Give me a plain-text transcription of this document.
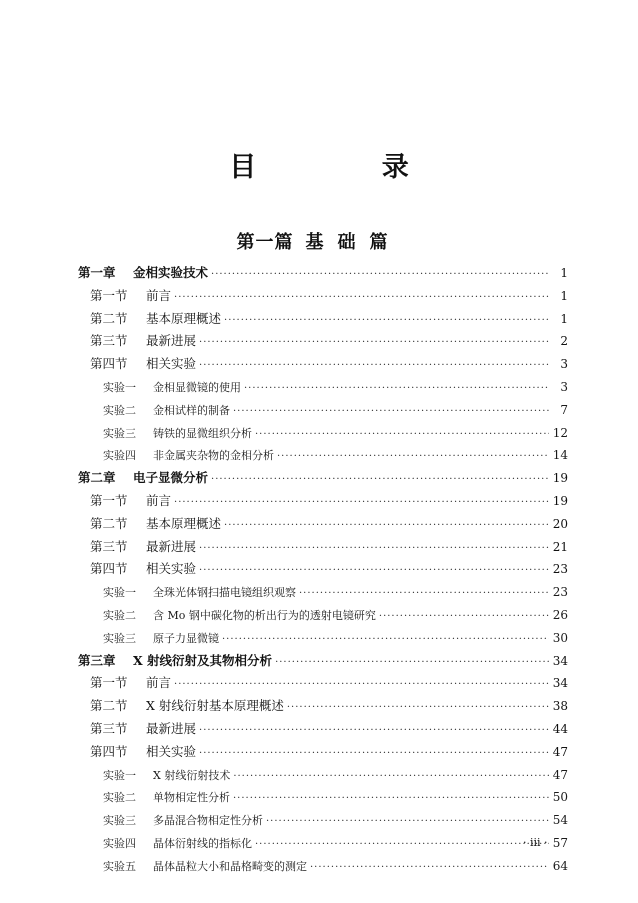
目 录
第一篇 基础篇
第一章	金相实验技术 ·····	1
第一节	前言 ·····	1
第二节	基本原理概述 ·····	1
第三节	最新进展 ·····	2
第四节	相关实验 ·····	3
实验一	金相显微镜的使用 ·····	3
实验二	金相试样的制备 ·····	7
实验三	铸铁的显微组织分析 ·····	12
实验四	非金属夹杂物的金相分析 ·····	14
第二章	电子显微分析 ·····	19
第一节	前言 ·····	19
第二节	基本原理概述 ·····	20
第三节	最新进展 ·····	21
第四节	相关实验 ·····	23
实验一	全珠光体钢扫描电镜组织观察 ·····	23
实验二	含 Mo 钢中碳化物的析出行为的透射电镜研究 ·····	26
实验三	原子力显微镜 ·····	30
第三章	X 射线衍射及其物相分析 ·····	34
第一节	前言 ·····	34
第二节	X 射线衍射基本原理概述 ·····	38
第三节	最新进展 ·····	44
第四节	相关实验 ·····	47
实验一	X 射线衍射技术 ·····	47
实验二	单物相定性分析 ·····	50
实验三	多晶混合物相定性分析 ·····	54
实验四	晶体衍射线的指标化 ·····	57
实验五	晶体晶粒大小和晶格畸变的测定 ·····	64

· iii ·
